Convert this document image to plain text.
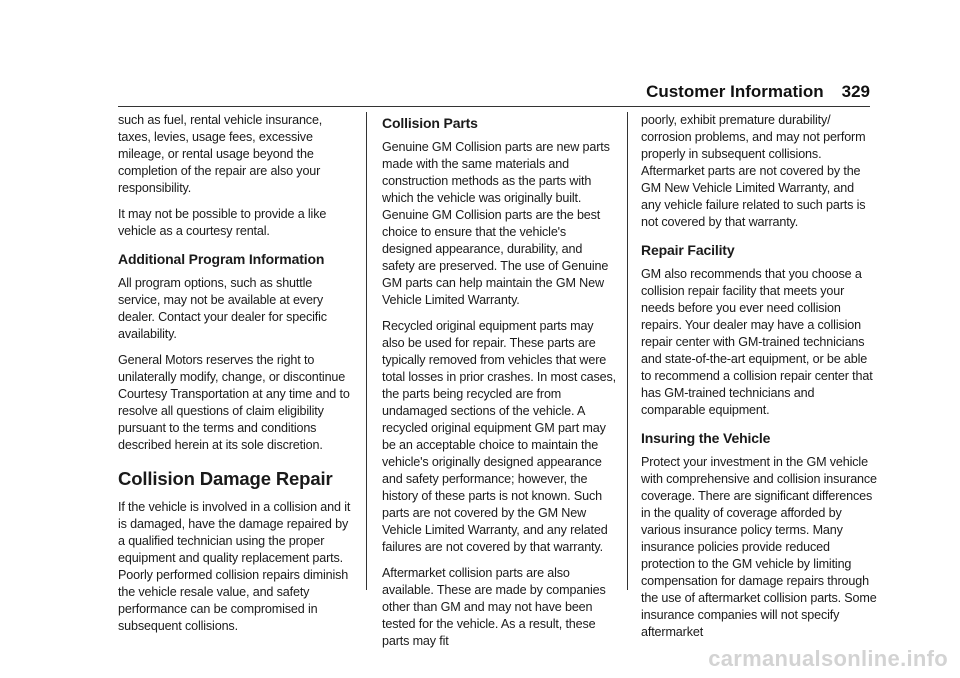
Customer Information 329

such as fuel, rental vehicle insurance, taxes, levies, usage fees, excessive mileage, or rental usage beyond the completion of the repair are also your responsibility.

It may not be possible to provide a like vehicle as a courtesy rental.

Additional Program Information

All program options, such as shuttle service, may not be available at every dealer. Contact your dealer for specific availability.

General Motors reserves the right to unilaterally modify, change, or discontinue Courtesy Transportation at any time and to resolve all questions of claim eligibility pursuant to the terms and conditions described herein at its sole discretion.

Collision Damage Repair

If the vehicle is involved in a collision and it is damaged, have the damage repaired by a qualified technician using the proper equipment and quality replacement parts. Poorly performed collision repairs diminish the vehicle resale value, and safety performance can be compromised in subsequent collisions.

Collision Parts

Genuine GM Collision parts are new parts made with the same materials and construction methods as the parts with which the vehicle was originally built. Genuine GM Collision parts are the best choice to ensure that the vehicle's designed appearance, durability, and safety are preserved. The use of Genuine GM parts can help maintain the GM New Vehicle Limited Warranty.

Recycled original equipment parts may also be used for repair. These parts are typically removed from vehicles that were total losses in prior crashes. In most cases, the parts being recycled are from undamaged sections of the vehicle. A recycled original equipment GM part may be an acceptable choice to maintain the vehicle's originally designed appearance and safety performance; however, the history of these parts is not known. Such parts are not covered by the GM New Vehicle Limited Warranty, and any related failures are not covered by that warranty.

Aftermarket collision parts are also available. These are made by companies other than GM and may not have been tested for the vehicle. As a result, these parts may fit

poorly, exhibit premature durability/ corrosion problems, and may not perform properly in subsequent collisions. Aftermarket parts are not covered by the GM New Vehicle Limited Warranty, and any vehicle failure related to such parts is not covered by that warranty.

Repair Facility

GM also recommends that you choose a collision repair facility that meets your needs before you ever need collision repairs. Your dealer may have a collision repair center with GM-trained technicians and state-of-the-art equipment, or be able to recommend a collision repair center that has GM-trained technicians and comparable equipment.

Insuring the Vehicle

Protect your investment in the GM vehicle with comprehensive and collision insurance coverage. There are significant differences in the quality of coverage afforded by various insurance policy terms. Many insurance policies provide reduced protection to the GM vehicle by limiting compensation for damage repairs through the use of aftermarket collision parts. Some insurance companies will not specify aftermarket

carmanualsonline.info
